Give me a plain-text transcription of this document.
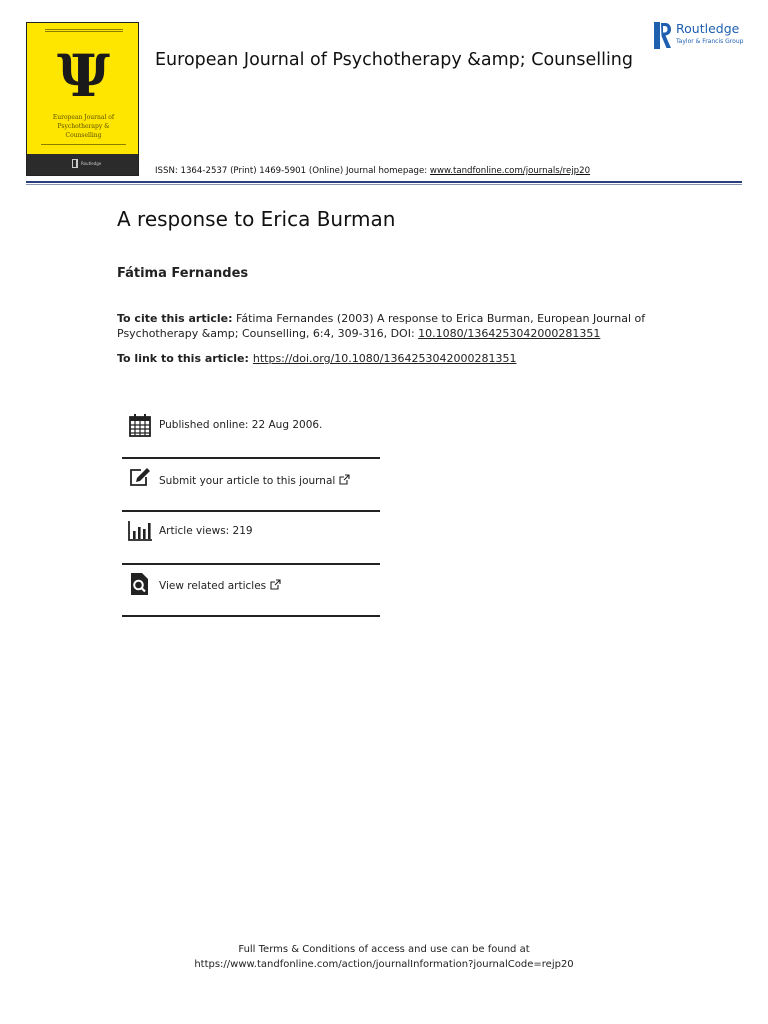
Ψ
European Journal of
Psychotherapy &
Counselling
Routledge
European Journal of Psychotherapy &amp; Counselling
Routledge
Taylor & Francis Group
ISSN: 1364-2537 (Print) 1469-5901 (Online) Journal homepage: www.tandfonline.com/journals/rejp20
A response to Erica Burman
Fátima Fernandes
To cite this article: Fátima Fernandes (2003) A response to Erica Burman, European Journal of Psychotherapy &amp; Counselling, 6:4, 309-316, DOI: 10.1080/1364253042000281351
To link to this article: https://doi.org/10.1080/1364253042000281351
Published online: 22 Aug 2006.
Submit your article to this journal
Article views: 219
View related articles
Full Terms & Conditions of access and use can be found at
https://www.tandfonline.com/action/journalInformation?journalCode=rejp20
